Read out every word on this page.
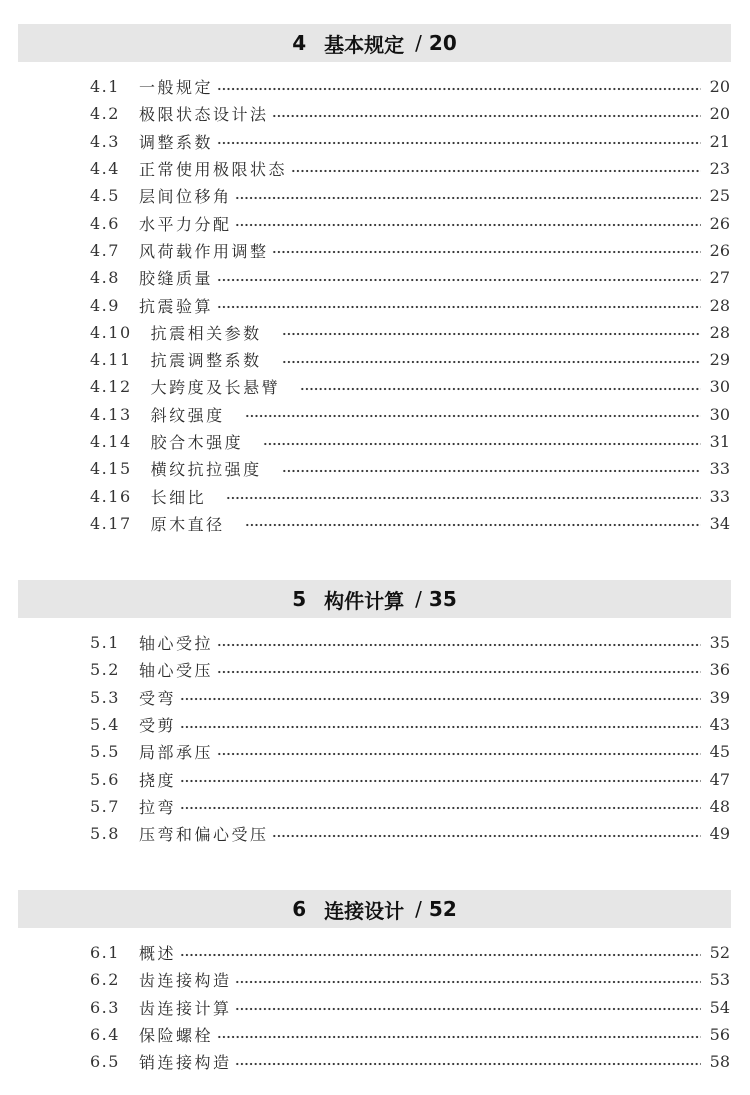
4 基本规定 / 20
4.1 一般规定	20
4.2 极限状态设计法	20
4.3 调整系数	21
4.4 正常使用极限状态	23
4.5 层间位移角	25
4.6 水平力分配	26
4.7 风荷载作用调整	26
4.8 胶缝质量	27
4.9 抗震验算	28
4.10 抗震相关参数	28
4.11 抗震调整系数	29
4.12 大跨度及长悬臂	30
4.13 斜纹强度	30
4.14 胶合木强度	31
4.15 横纹抗拉强度	33
4.16 长细比	33
4.17 原木直径	34
5 构件计算 / 35
5.1 轴心受拉	35
5.2 轴心受压	36
5.3 受弯	39
5.4 受剪	43
5.5 局部承压	45
5.6 挠度	47
5.7 拉弯	48
5.8 压弯和偏心受压	49
6 连接设计 / 52
6.1 概述	52
6.2 齿连接构造	53
6.3 齿连接计算	54
6.4 保险螺栓	56
6.5 销连接构造	58
